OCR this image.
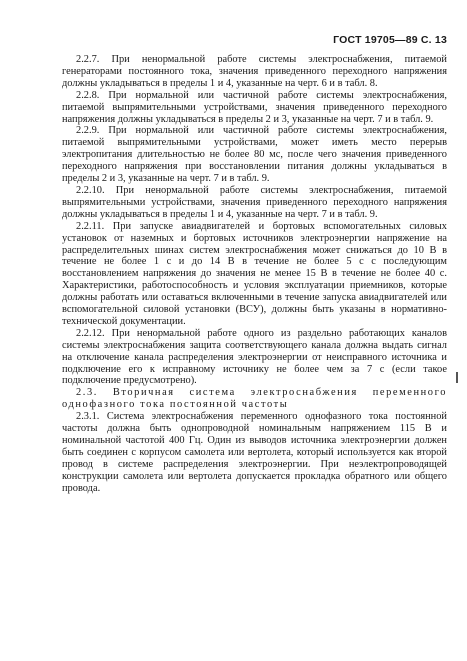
ГОСТ 19705—89 С. 13

2.2.7. При ненормальной работе системы электроснабжения, питаемой генераторами постоянного тока, значения приведенного переходного напряжения должны укладываться в пределы 1 и 4, указанные на черт. 6 и в табл. 8.

2.2.8. При нормальной или частичной работе системы электроснабжения, питаемой выпрямительными устройствами, значения приведенного переходного напряжения должны укладываться в пределы 2 и 3, указанные на черт. 7 и в табл. 9.

2.2.9. При нормальной или частичной работе системы электроснабжения, питаемой выпрямительными устройствами, может иметь место перерыв электропитания длительностью не более 80 мс, после чего значения приведенного переходного напряжения при восстановлении питания должны укладываться в пределы 2 и 3, указанные на черт. 7 и в табл. 9.

2.2.10. При ненормальной работе системы электроснабжения, питаемой выпрямительными устройствами, значения приведенного переходного напряжения должны укладываться в пределы 1 и 4, указанные на черт. 7 и в табл. 9.

2.2.11. При запуске авиадвигателей и бортовых вспомогательных силовых установок от наземных и бортовых источников электроэнергии напряжение на распределительных шинах систем электроснабжения может снижаться до 10 В в течение не более 1 с и до 14 В в течение не более 5 с с последующим восстановлением напряжения до значения не менее 15 В в течение не более 40 с. Характеристики, работоспособность и условия эксплуатации приемников, которые должны работать или оставаться включенными в течение запуска авиадвигателей или вспомогательной силовой установки (ВСУ), должны быть указаны в нормативно-технической документации.

2.2.12. При ненормальной работе одного из раздельно работающих каналов системы электроснабжения защита соответствующего канала должна выдать сигнал на отключение канала распределения электроэнергии от неисправного источника и подключение его к исправному источнику не более чем за 7 с (если такое подключение предусмотрено).

2.3. Вторичная система электроснабжения переменного однофазного тока постоянной частоты

2.3.1. Система электроснабжения переменного однофазного тока постоянной частоты должна быть однопроводной номинальным напряжением 115 В и номинальной частотой 400 Гц. Один из выводов источника электроэнергии должен быть соединен с корпусом самолета или вертолета, который используется как второй провод в системе распределения электроэнергии. При неэлектропроводящей конструкции самолета или вертолета допускается прокладка обратного или общего провода.
